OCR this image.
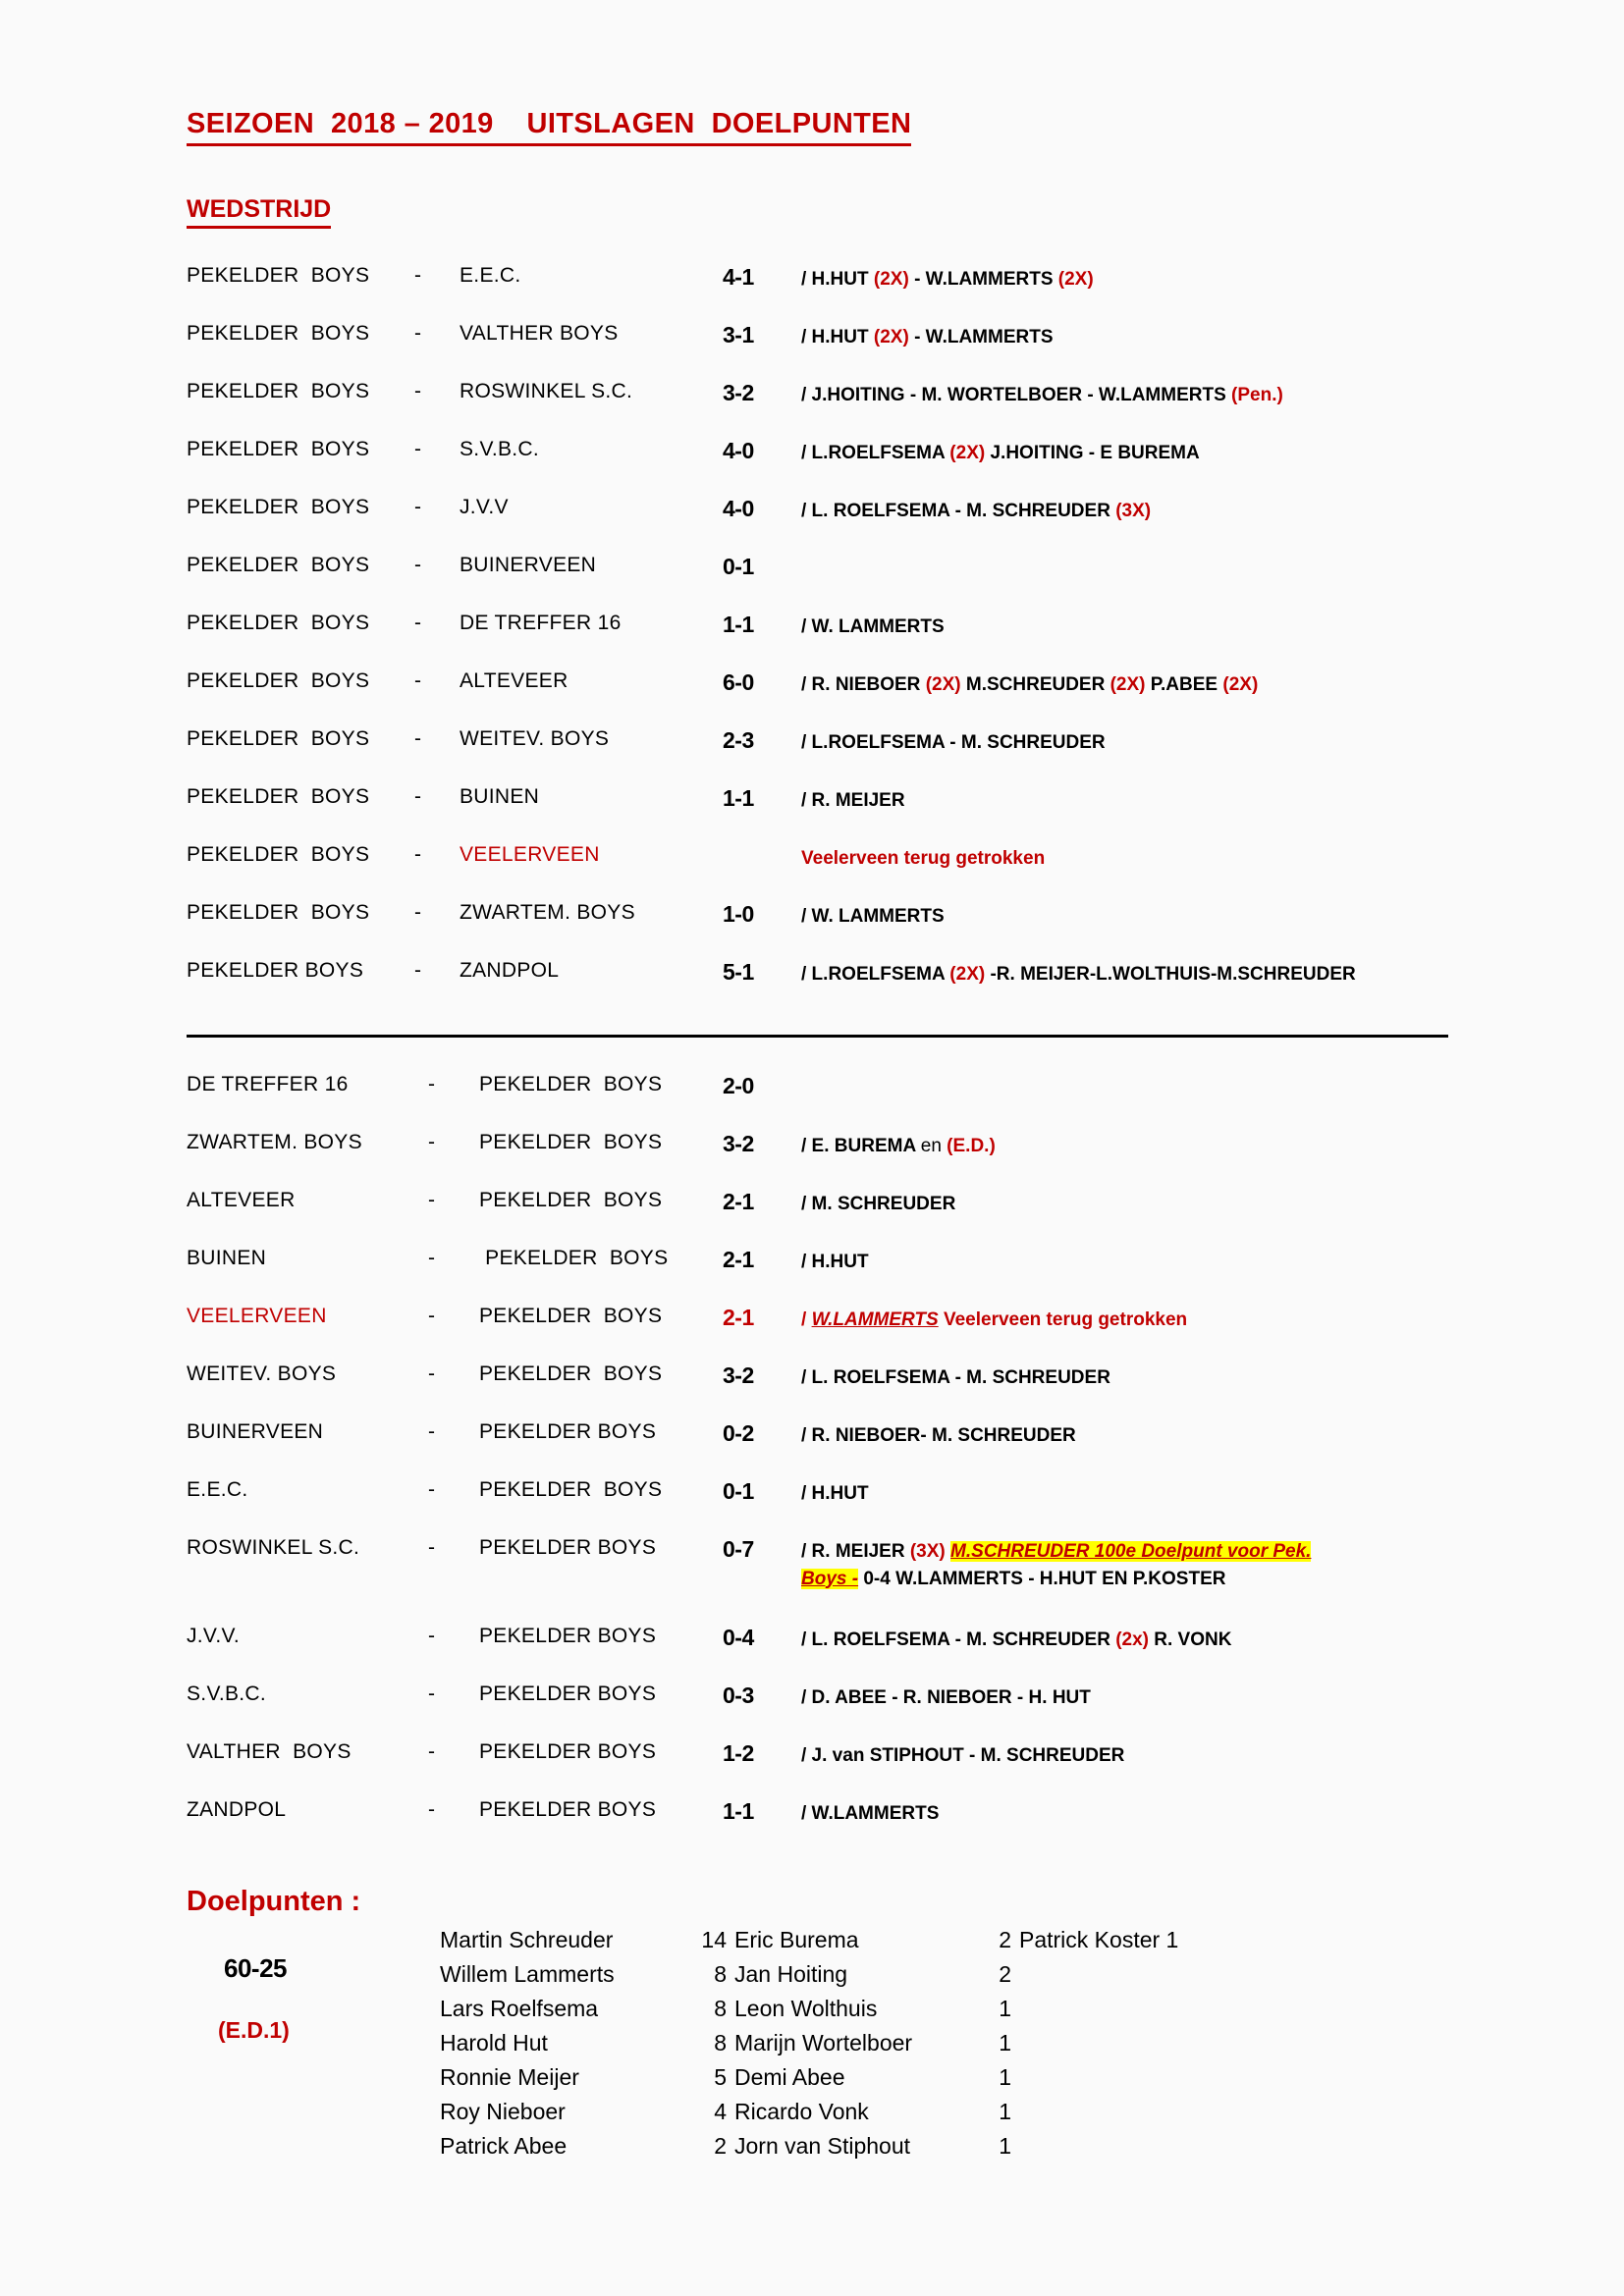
SEIZOEN  2018 – 2019    UITSLAGEN  DOELPUNTEN
WEDSTRIJD
PEKELDER  BOYS	-	E.E.C.	4-1	/ H.HUT (2X) - W.LAMMERTS (2X)
PEKELDER  BOYS	-	VALTHER BOYS	3-1	/ H.HUT (2X) - W.LAMMERTS
PEKELDER  BOYS	-	ROSWINKEL S.C.	3-2	/ J.HOITING - M. WORTELBOER - W.LAMMERTS (Pen.)
PEKELDER  BOYS	-	S.V.B.C.	4-0	/ L.ROELFSEMA (2X) J.HOITING - E BUREMA
PEKELDER  BOYS	-	J.V.V	4-0	/ L. ROELFSEMA - M. SCHREUDER (3X)
PEKELDER  BOYS	-	BUINERVEEN	0-1
PEKELDER  BOYS	-	DE TREFFER 16	1-1	/ W. LAMMERTS
PEKELDER  BOYS	-	ALTEVEER	6-0	/ R. NIEBOER (2X) M.SCHREUDER (2X) P.ABEE (2X)
PEKELDER  BOYS	-	WEITEV. BOYS	2-3	/ L.ROELFSEMA - M. SCHREUDER
PEKELDER  BOYS	-	BUINEN	1-1	/ R. MEIJER
PEKELDER  BOYS	-	VEELERVEEN	Veelerveen terug getrokken
PEKELDER  BOYS	-	ZWARTEM. BOYS	1-0	/ W. LAMMERTS
PEKELDER BOYS	-	ZANDPOL	5-1	/ L.ROELFSEMA (2X) -R. MEIJER-L.WOLTHUIS-M.SCHREUDER
DE TREFFER 16	-	PEKELDER  BOYS	2-0
ZWARTEM. BOYS	-	PEKELDER  BOYS	3-2	/ E. BUREMA en (E.D.)
ALTEVEER	-	PEKELDER  BOYS	2-1	/ M. SCHREUDER
BUINEN	-	PEKELDER  BOYS	2-1	/ H.HUT
VEELERVEEN	-	PEKELDER  BOYS	2-1	/ W.LAMMERTS Veelerveen terug getrokken
WEITEV. BOYS	-	PEKELDER  BOYS	3-2	/ L. ROELFSEMA - M. SCHREUDER
BUINERVEEN	-	PEKELDER BOYS	0-2	/ R. NIEBOER- M. SCHREUDER
E.E.C.	-	PEKELDER  BOYS	0-1	/ H.HUT
ROSWINKEL S.C.	-	PEKELDER BOYS	0-7	/ R. MEIJER (3X) M.SCHREUDER 100e Doelpunt voor Pek.
Boys - 0-4 W.LAMMERTS - H.HUT EN P.KOSTER
J.V.V.	-	PEKELDER BOYS	0-4	/ L. ROELFSEMA - M. SCHREUDER (2x) R. VONK
S.V.B.C.	-	PEKELDER BOYS	0-3	/ D. ABEE - R. NIEBOER - H. HUT
VALTHER  BOYS	-	PEKELDER BOYS	1-2	/ J. van STIPHOUT - M. SCHREUDER
ZANDPOL	-	PEKELDER BOYS	1-1	/ W.LAMMERTS
Doelpunten :
60-25
(E.D.1)
Martin Schreuder	14
Willem Lammerts	8
Lars Roelfsema	8
Harold Hut	8
Ronnie Meijer	5
Roy Nieboer	4
Patrick Abee	2
Eric Burema	2
Jan Hoiting	2
Leon Wolthuis	1
Marijn Wortelboer	1
Demi Abee	1
Ricardo Vonk	1
Jorn van Stiphout	1
Patrick Koster 1
